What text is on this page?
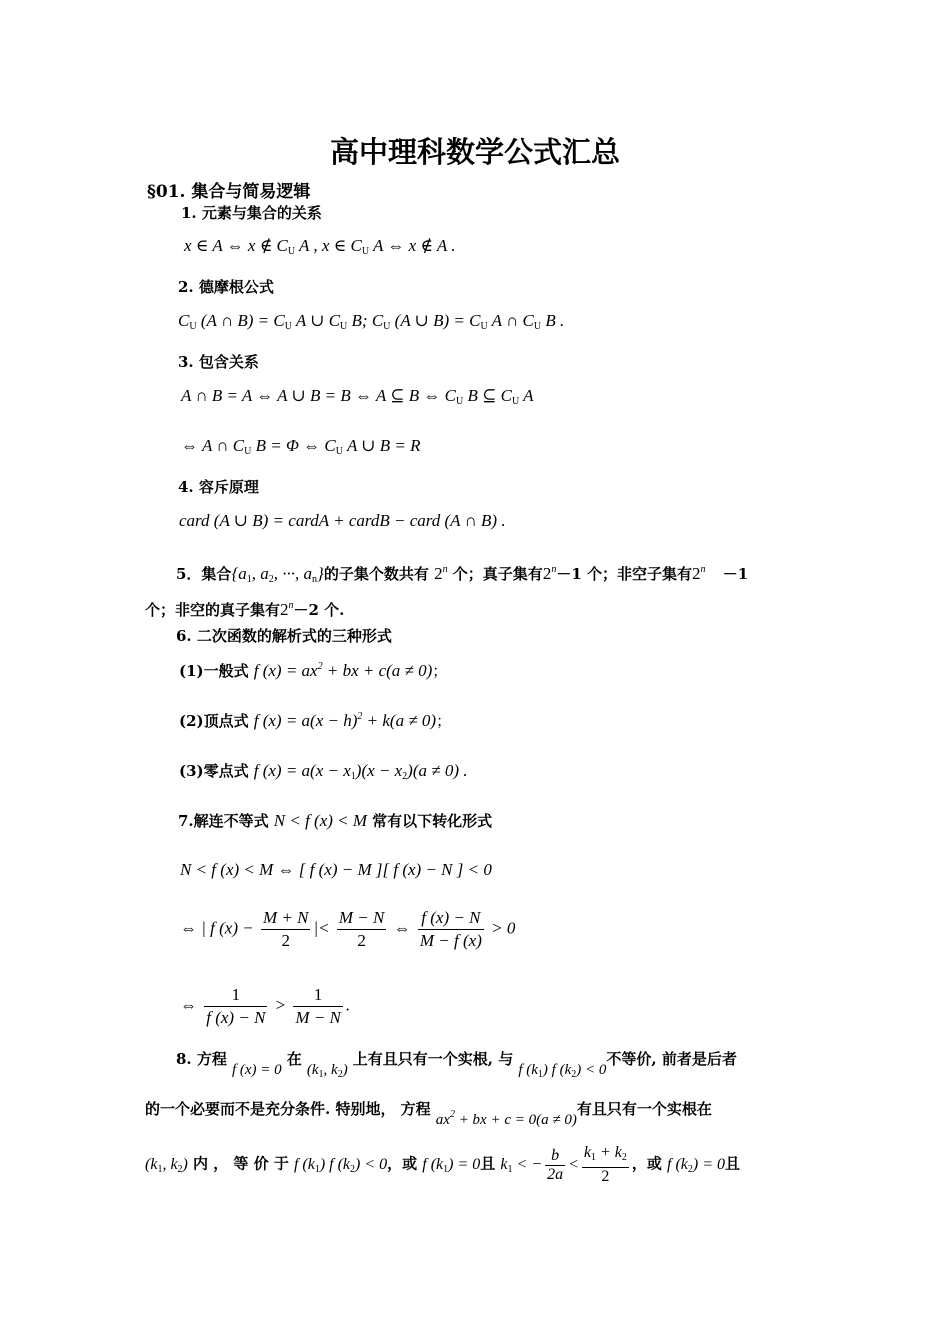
高中理科数学公式汇总
§01. 集合与简易逻辑
1. 元素与集合的关系
x ∈ A ⇔ x ∉ $C_U$ A , x ∈ $C_U$ A ⇔ x ∉ A .
2. 德摩根公式
$C_U$ (A ∩ $B) = C_U$ A ∪ $C_U$ B; $C_U$ (A ∪ $B) = C_U$ A ∩ $C_U$ B .
3. 包含关系
A ∩ B = A ⇔ A ∪ B = B ⇔ A ⊆ B ⇔ $C_U$ B ⊆ $C_U$ A
⇔ A ∩ $C_U$ B = Φ ⇔ $C_U$ A ∪ B = R
4. 容斥原理
card (A ∪ B) = cardA + cardB − card (A ∩ B) .
5．集合{$a_1$, $a_2$, ···, $a_n$}的子集个数共有 2$^n$ 个；真子集有$2^n-1$ 个；非空子集有$2^n -1$
个；非空的真子集有$2^n-2$ 个.
6. 二次函数的解析式的三种形式
(1)一般式 f $(x) = ax^2$ + bx + c(a ≠ 0)；
(2)顶点式 f $(x) = a(x - h)^2 + k(a \ne 0)$；
(3)零点式 f $(x) = a(x - x_1)(x - x_2)(a \ne 0)$ .
7.解连不等式 N < f (x) < M 常有以下转化形式
N < f (x) < M ⇔ [ f (x) − M ][ f (x) − N ] < 0
⇔ | f $(x) - \frac{M + N}{2}$ |< $\frac{M - N}{2}$ ⇔ $\frac{f (x) - N}{M - f (x)} > 0$
⇔ $\frac{1}{f (x) - N} > \frac{1}{M - N}$ .
8. 方程 f (x) = 0 在 ($k_1$, $k_2$) 上有且只有一个实根, 与 f $(k_1)$ f $(k_2) < 0$不等价, 前者是后者
的一个必要而不是充分条件. 特别地， 方程 $ax^2$ + bx + c = 0(a ≠ 0)有且只有一个实根在
($k_1$, $k_2$) 内 ， 等 价 于 f $(k_1)$ f $(k_2) < 0$，或 f $(k_1) = 0$且 $k_1$ < − $\frac{b}{2a} < \frac{k_1 + k_2}{2}$ ，或 f $(k_2) = 0$且
